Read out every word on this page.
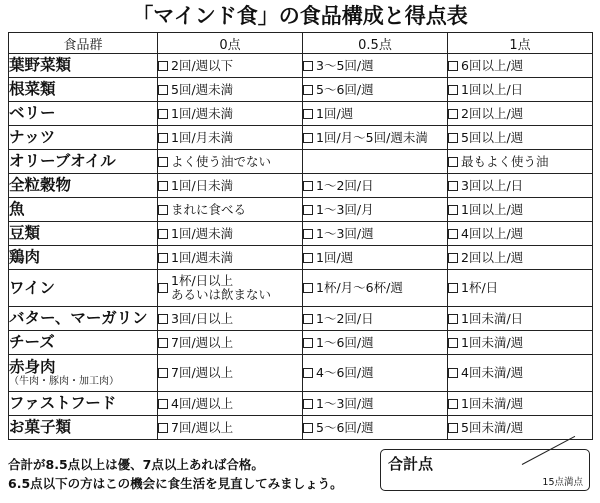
「マインド食」の食品構成と得点表
食品群	0点	0.5点	1点
葉野菜類	2回/週以下	3～5回/週	6回以上/週

根菜類	5回/週未満	5～6回/週	1回以上/日

ベリー	1回/週未満	1回/週	2回以上/週

ナッツ	1回/月未満	1回/月～5回/週未満	5回以上/週

オリーブオイル	よく使う油でない		最もよく使う油

全粒穀物	1回/日未満	1～2回/日	3回以上/日

魚	まれに食べる	1～3回/月	1回以上/週

豆類	1回/週未満	1～3回/週	4回以上/週

鶏肉	1回/週未満	1回/週	2回以上/週

ワイン	1杯/日以上
あるいは飲まない	1杯/月～6杯/週	1杯/日

バター、マーガリン	3回/日以上	1～2回/日	1回未満/日

チーズ	7回/週以上	1～6回/週	1回未満/週

赤身肉
（牛肉・豚肉・加工肉）	7回/週以上	4～6回/週	4回未満/週

ファストフード	4回/週以上	1～3回/週	1回未満/週

お菓子類	7回/週以上	5～6回/週	5回未満/週
合計が8.5点以上は優、7点以上あれば合格。
6.5点以下の方はこの機会に食生活を見直してみましょう。
合計点
15点満点
